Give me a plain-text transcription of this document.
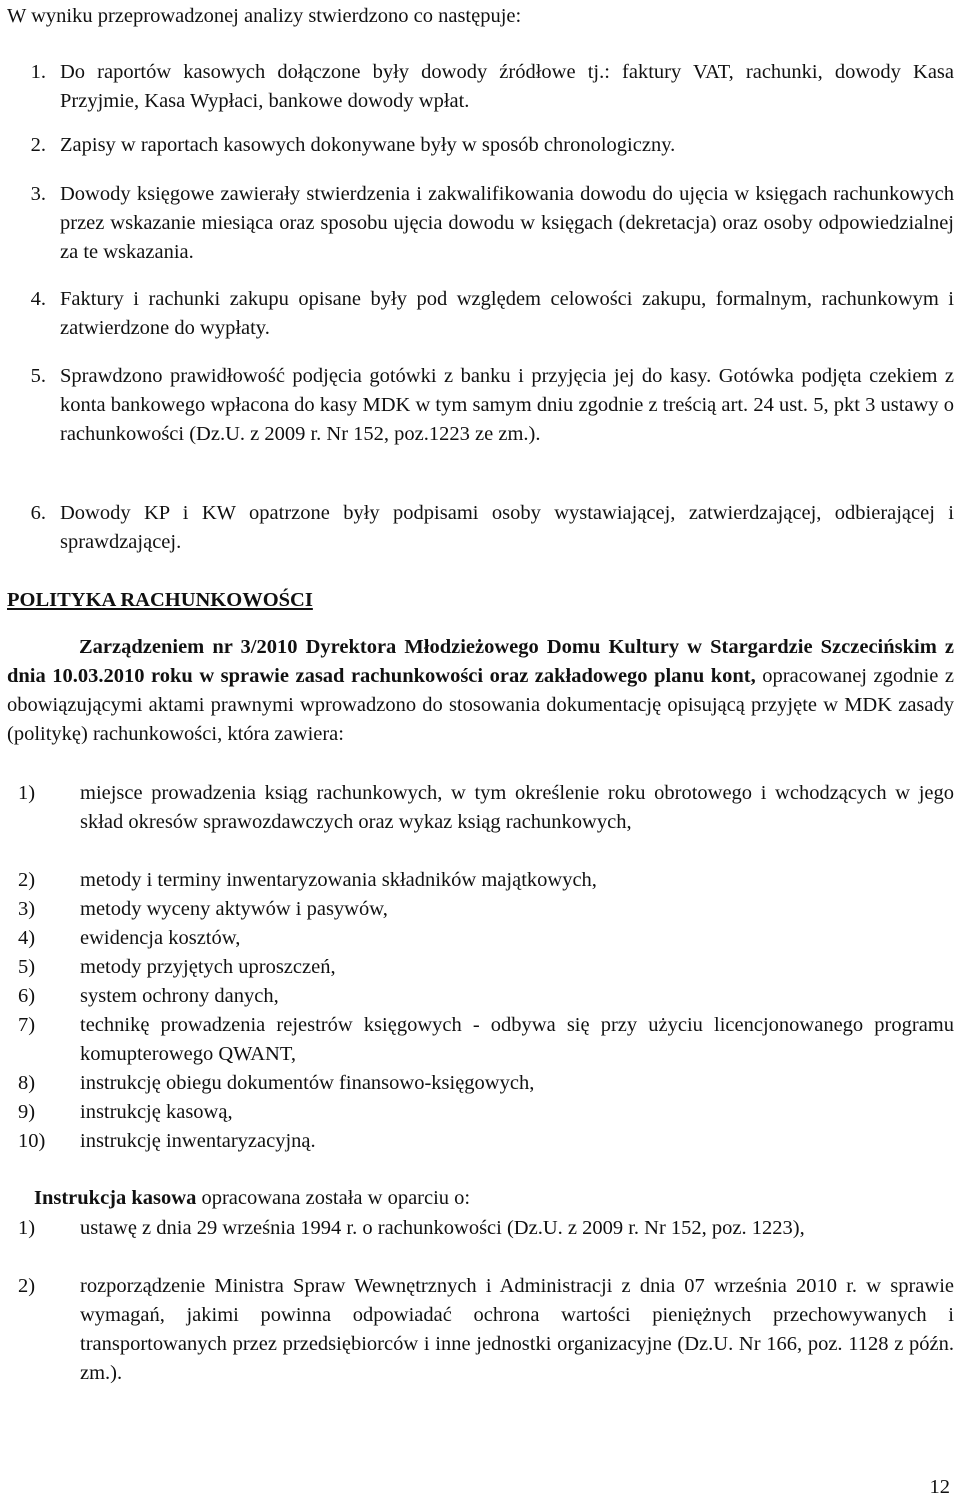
W wyniku przeprowadzonej analizy stwierdzono co następuje:

1. Do raportów kasowych dołączone były dowody źródłowe tj.: faktury VAT, rachunki, dowody Kasa Przyjmie, Kasa Wypłaci, bankowe dowody wpłat.
2. Zapisy w raportach kasowych dokonywane były w sposób chronologiczny.
3. Dowody księgowe zawierały stwierdzenia i zakwalifikowania dowodu do ujęcia w księgach rachunkowych przez wskazanie miesiąca oraz sposobu ujęcia dowodu w księgach (dekretacja) oraz osoby odpowiedzialnej za te wskazania.
4. Faktury i rachunki zakupu opisane były pod względem celowości zakupu, formalnym, rachunkowym i zatwierdzone do wypłaty.
5. Sprawdzono prawidłowość podjęcia gotówki z banku i przyjęcia jej do kasy. Gotówka podjęta czekiem z konta bankowego wpłacona do kasy MDK w tym samym dniu zgodnie z treścią art. 24 ust. 5, pkt 3 ustawy o rachunkowości (Dz.U. z 2009 r. Nr 152, poz.1223 ze zm.).
6. Dowody KP i KW opatrzone były podpisami osoby wystawiającej, zatwierdzającej, odbierającej i sprawdzającej.

POLITYKA RACHUNKOWOŚCI

Zarządzeniem nr 3/2010 Dyrektora Młodzieżowego Domu Kultury w Stargardzie Szczecińskim z dnia 10.03.2010 roku w sprawie zasad rachunkowości oraz zakładowego planu kont, opracowanej zgodnie z obowiązującymi aktami prawnymi wprowadzono do stosowania dokumentację opisującą przyjęte w MDK zasady (politykę) rachunkowości, która zawiera:

1)	miejsce prowadzenia ksiąg rachunkowych, w tym określenie roku obrotowego i wchodzących w jego skład okresów sprawozdawczych oraz wykaz ksiąg rachunkowych,
2)	metody i terminy inwentaryzowania składników majątkowych,
3)	metody wyceny aktywów i pasywów,
4)	ewidencja kosztów,
5)	metody przyjętych uproszczeń,
6)	system ochrony danych,
7)	technikę prowadzenia rejestrów księgowych - odbywa się przy użyciu licencjonowanego programu komupterowego QWANT,
8)	instrukcję obiegu dokumentów finansowo-księgowych,
9)	instrukcję kasową,
10)	instrukcję inwentaryzacyjną.

Instrukcja kasowa opracowana została w oparciu o:

1)	ustawę z dnia 29 września 1994 r. o rachunkowości (Dz.U. z 2009 r. Nr 152, poz. 1223),
2)	rozporządzenie Ministra Spraw Wewnętrznych i Administracji z dnia 07 września 2010 r. w sprawie wymagań, jakimi powinna odpowiadać ochrona wartości pieniężnych przechowywanych i transportowanych przez przedsiębiorców i inne jednostki organizacyjne (Dz.U. Nr 166, poz. 1128 z późn. zm.).
12
